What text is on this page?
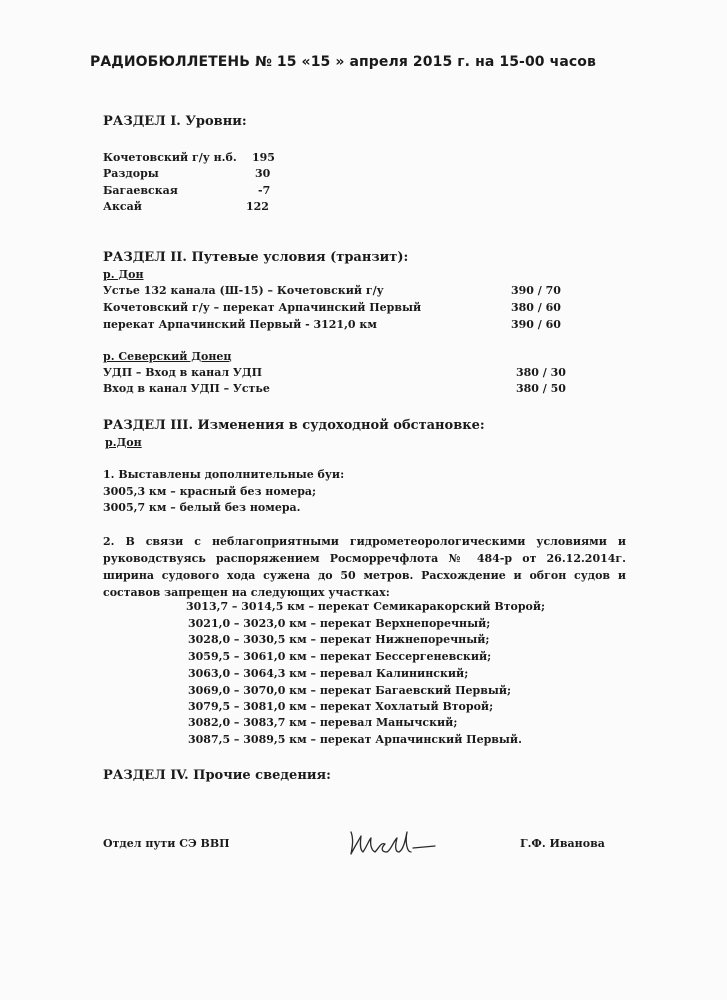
РАДИОБЮЛЛЕТЕНЬ № 15 «15 » апреля 2015 г. на 15-00 часов
РАЗДЕЛ I. Уровни:
Кочетовский г/у н.б. 195
Раздоры	30
Багаевская	-7
Аксай	122
РАЗДЕЛ II. Путевые условия (транзит):
р. Дон
Устье 132 канала (Ш-15) – Кочетовский г/у	390 / 70
Кочетовский г/у – перекат Арпачинский Первый	380 / 60
перекат Арпачинский Первый - 3121,0 км	390 / 60
р. Северский Донец
УДП – Вход в канал УДП	380 / 30
Вход в канал УДП – Устье	380 / 50
РАЗДЕЛ III. Изменения в судоходной обстановке:
р.Дон
1. Выставлены дополнительные буи:
3005,3 км – красный без номера;
3005,7 км – белый без номера.
2. В связи с неблагоприятными гидрометеорологическими условиями и руководствуясь распоряжением Росморречфлота № 484-р от 26.12.2014г. ширина судового хода сужена до 50 метров. Расхождение и обгон судов и составов запрещен на следующих участках:
3013,7 – 3014,5 км – перекат Семикаракорский Второй;
3021,0 – 3023,0 км – перекат Верхнепоречный;
3028,0 – 3030,5 км – перекат Нижнепоречный;
3059,5 – 3061,0 км – перекат Бессергеневский;
3063,0 – 3064,3 км – перевал Калининский;
3069,0 – 3070,0 км – перекат Багаевский Первый;
3079,5 – 3081,0 км – перекат Хохлатый Второй;
3082,0 – 3083,7 км – перевал Манычский;
3087,5 – 3089,5 км – перекат Арпачинский Первый.
РАЗДЕЛ IV. Прочие сведения:
Отдел пути СЭ ВВП	Г.Ф. Иванова
